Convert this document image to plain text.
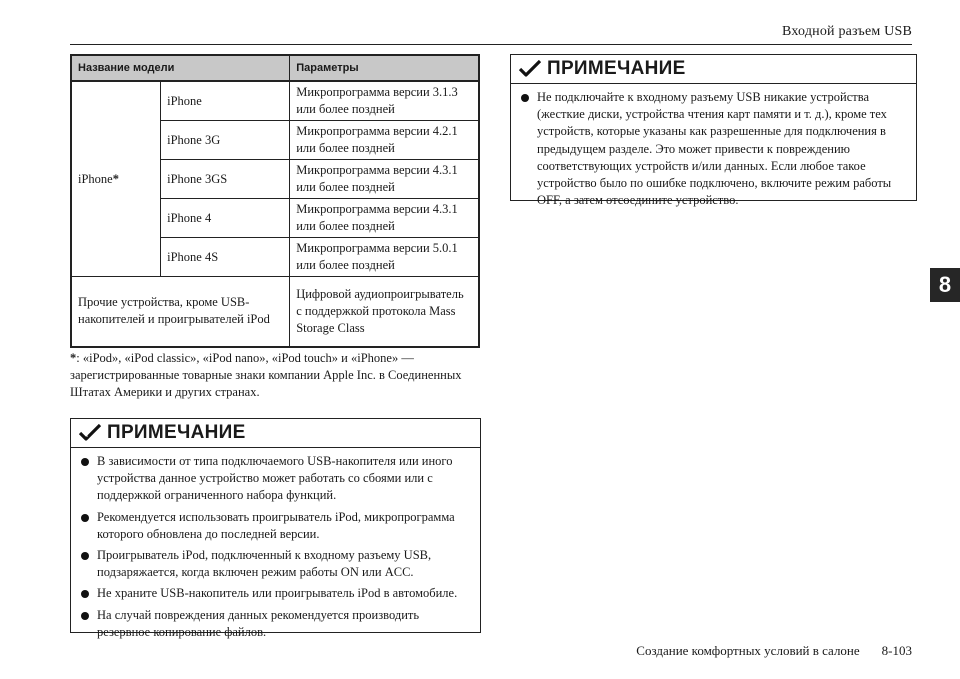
Входной разъем USB
8
Название модели		Параметры
iPhone*	iPhone	Микропрограмма версии 3.1.3 или более поздней
	iPhone 3G	Микропрограмма версии 4.2.1 или более поздней
	iPhone 3GS	Микропрограмма версии 4.3.1 или более поздней
	iPhone 4	Микропрограмма версии 4.3.1 или более поздней
	iPhone 4S	Микропрограмма версии 5.0.1 или более поздней
Прочие устройства, кроме USB-накопителей и проигрывателей iPod		Цифровой аудиопроигрыватель с поддержкой протокола Mass Storage Class
*: «iPod», «iPod classic», «iPod nano», «iPod touch» и «iPhone» — зарегистрированные товарные знаки компании Apple Inc. в Соединенных Штатах Америки и других странах.
ПРИМЕЧАНИЕ
В зависимости от типа подключаемого USB-накопителя или иного устройства данное устройство может работать со сбоями или с поддержкой ограниченного набора функций.
Рекомендуется использовать проигрыватель iPod, микропрограмма которого обновлена до последней версии.
Проигрыватель iPod, подключенный к входному разъему USB, подзаряжается, когда включен режим работы ON или ACC.
Не храните USB-накопитель или проигрыватель iPod в автомобиле.
На случай повреждения данных рекомендуется производить резервное копирование файлов.
ПРИМЕЧАНИЕ
Не подключайте к входному разъему USB никакие устройства (жесткие диски, устройства чтения карт памяти и т. д.), кроме тех устройств, которые указаны как разрешенные для подключения в предыдущем разделе. Это может привести к повреждению соответствующих устройств и/или данных. Если любое такое устройство было по ошибке подключено, включите режим работы OFF, а затем отсоедините устройство.
Создание комфортных условий в салоне 8-103
